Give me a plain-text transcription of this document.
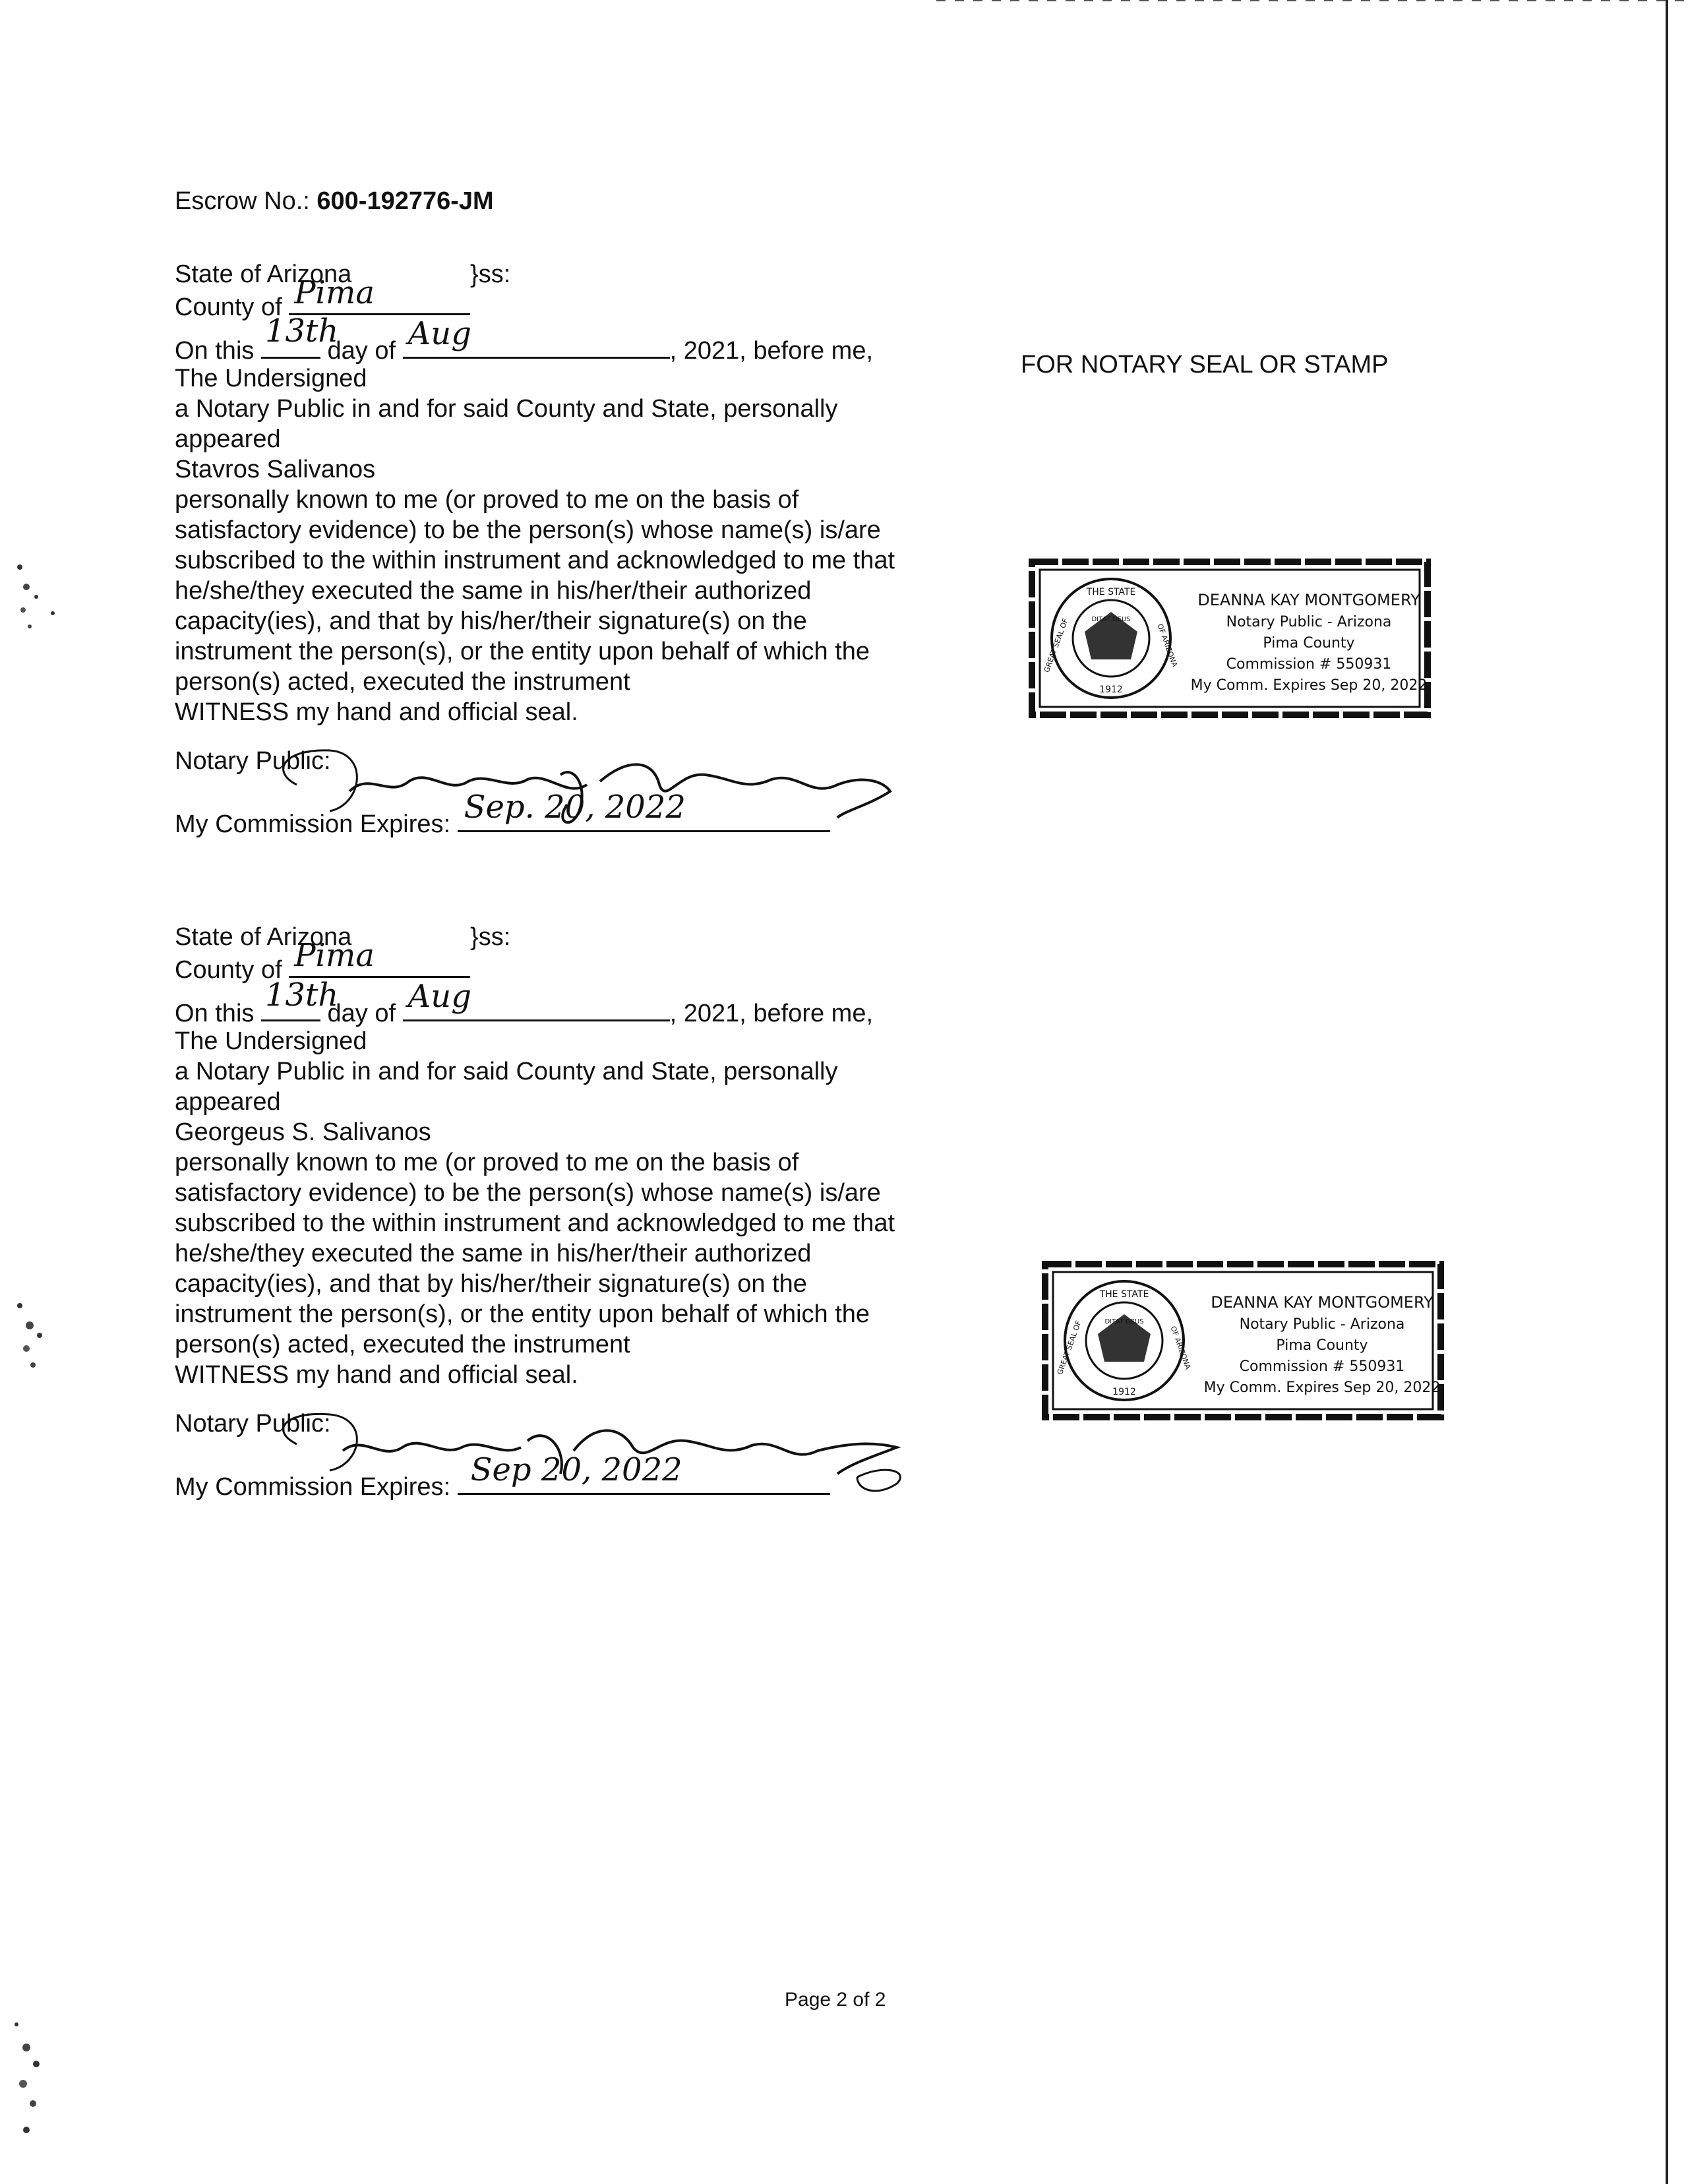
Escrow No.: 600-192776-JM
FOR NOTARY SEAL OR STAMP
State of Arizona	}ss:
County of Pima
On this
13th
day of Aug	, 2021, before me,
The Undersigned
a Notary Public in and for said County and State, personally
appeared
Stavros Salivanos
personally known to me (or proved to me on the basis of
satisfactory evidence) to be the person(s) whose name(s) is/are
subscribed to the within instrument and acknowledged to me that
he/she/they executed the same in his/her/their authorized
capacity(ies), and that by his/her/their signature(s) on the
instrument the person(s), or the entity upon behalf of which the
person(s) acted, executed the instrument
WITNESS my hand and official seal.
Notary Public:
My Commission Expires: Sep. 20, 2022
State of Arizona	}ss:
County of Pima
On this 13th
day of Aug	, 2021, before me,
The Undersigned
a Notary Public in and for said County and State, personally
appeared
Georgeus S. Salivanos
personally known to me (or proved to me on the basis of
satisfactory evidence) to be the person(s) whose name(s) is/are
subscribed to the within instrument and acknowledged to me that
he/she/they executed the same in his/her/their authorized
capacity(ies), and that by his/her/their signature(s) on the
instrument the person(s), or the entity upon behalf of which the
person(s) acted, executed the instrument
WITNESS my hand and official seal.
Notary Public:
My Commission Expires: Sep 20, 2022
THE STATE
1912
DITAT DEUS
GREAT SEAL OF	OF ARIZONA
DEANNA KAY MONTGOMERY
Notary Public - Arizona
Pima County
Commission # 550931
My Comm. Expires Sep 20, 2022
THE STATE
1912
DITAT DEUS
GREAT SEAL OF	OF ARIZONA
DEANNA KAY MONTGOMERY
Notary Public - Arizona
Pima County
Commission # 550931
My Comm. Expires Sep 20, 2022
Page 2 of 2
